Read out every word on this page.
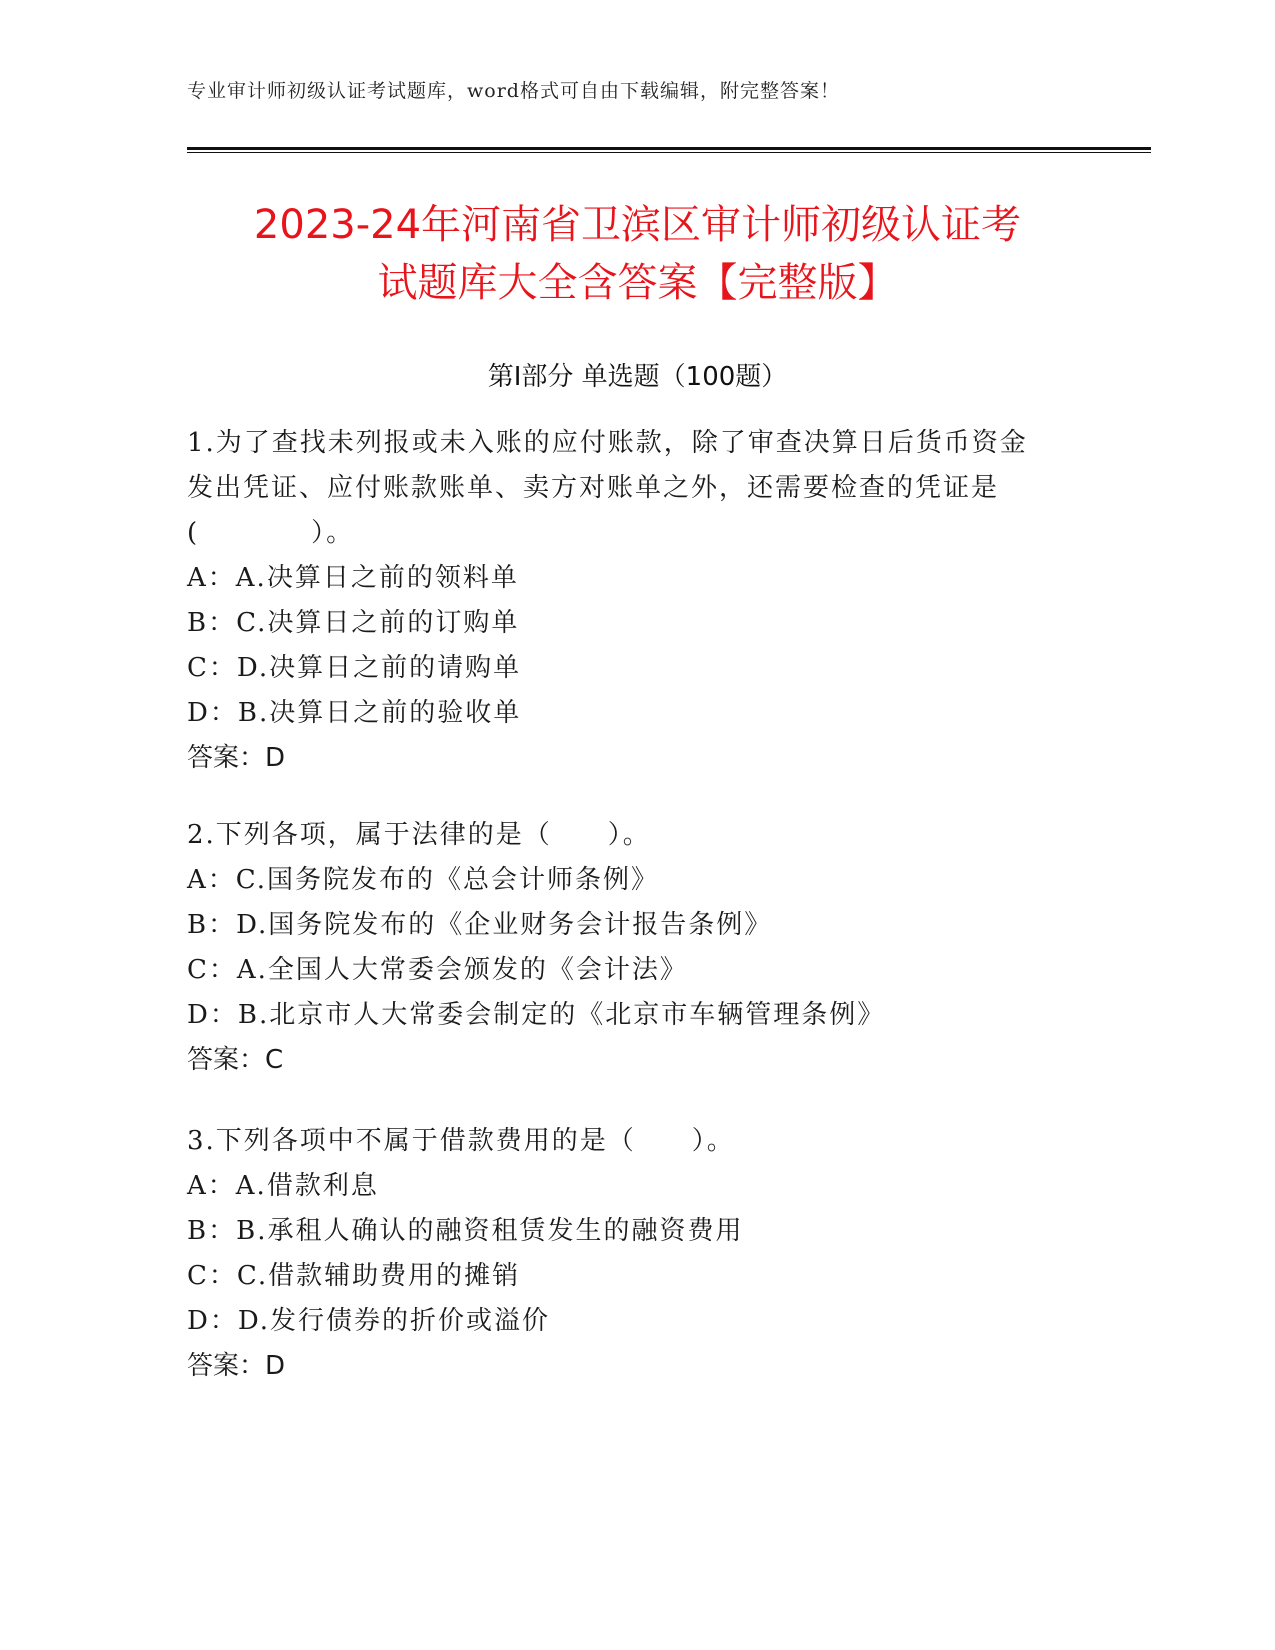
专业审计师初级认证考试题库，word格式可自由下载编辑，附完整答案！
2023-24年河南省卫滨区审计师初级认证考
试题库大全含答案【完整版】
第Ⅰ部分 单选题（100题）
1.为了查找未列报或未入账的应付账款，除了审查决算日后货币资金
发出凭证、应付账款账单、卖方对账单之外，还需要检查的凭证是
(　　　　）。
A：A.决算日之前的领料单
B：C.决算日之前的订购单
C：D.决算日之前的请购单
D：B.决算日之前的验收单
答案：D
2.下列各项，属于法律的是（　　）。
A：C.国务院发布的《总会计师条例》
B：D.国务院发布的《企业财务会计报告条例》
C：A.全国人大常委会颁发的《会计法》
D：B.北京市人大常委会制定的《北京市车辆管理条例》
答案：C
3.下列各项中不属于借款费用的是（　　）。
A：A.借款利息
B：B.承租人确认的融资租赁发生的融资费用
C：C.借款辅助费用的摊销
D：D.发行债券的折价或溢价
答案：D
